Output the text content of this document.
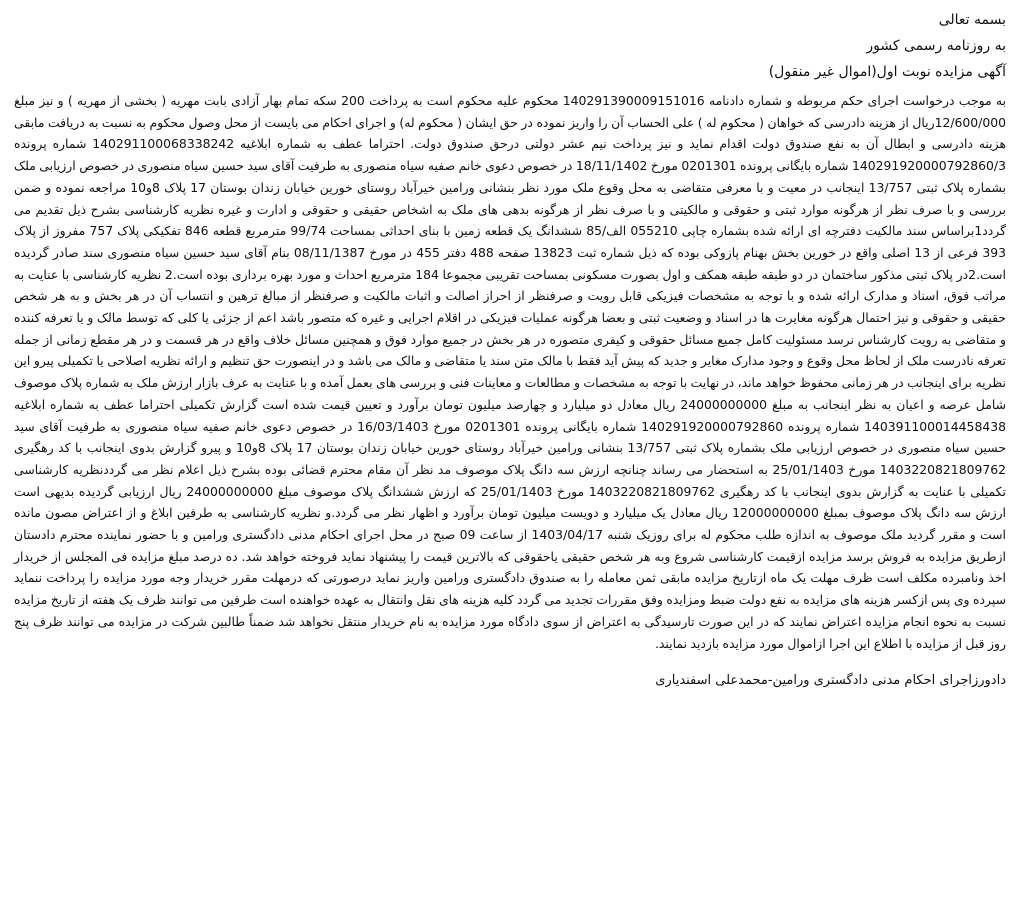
بسمه تعالی
به روزنامه رسمی کشور
آگهی مزایده نوبت اول(اموال غیر منقول)

به موجب درخواست اجرای حکم مربوطه و شماره دادنامه 140291390009151016 محکوم علیه محکوم است به پرداخت 200 سکه تمام بهار آزادی بابت مهریه ( بخشی از مهریه ) و نیز مبلغ 12/600/000ریال از هزینه دادرسی که خواهان ( محکوم له ) علی الحساب آن را واریز نموده در حق ایشان ( محکوم له) و اجرای احکام می بایست از محل وصول محکوم به نسبت به دریافت مابقی هزینه دادرسی و ابطال آن به نفع صندوق دولت اقدام نماید و نیز پرداخت نیم عشر دولتی درحق صندوق دولت. احتراما عطف به شماره ابلاغیه 140291100068338242 شماره پرونده 140291920000792860/3 شماره بایگانی پرونده 0201301 مورخ 18/11/1402 در خصوص دعوی خانم صفیه سیاه منصوری به طرفیت آقای سید حسین سیاه منصوری در خصوص ارزیابی ملک بشماره پلاک ثبتی 13/757 اینجانب در معیت و با معرفی متقاضی به محل وقوع ملک مورد نظر بنشانی ورامین خیرآباد روستای خورین خیابان زندان بوستان 17 پلاک 8و10 مراجعه نموده و ضمن بررسی و با صرف نظر از هرگونه موارد ثبتی و حقوقی و مالکیتی و با صرف نظر از هرگونه بدهی های ملک به اشخاص حقیقی و حقوقی و ادارت و غیره نظریه کارشناسی بشرح ذیل تقدیم می گردد1براساس سند مالکیت دفترچه ای ارائه شده بشماره چاپی 055210 الف/85 ششدانگ یک قطعه زمین با بنای احداثی بمساحت 99/74 مترمربع قطعه 846 تفکیکی پلاک 757 مفروز از پلاک 393 فرعی از 13 اصلی واقع در خورین بخش بهنام پازوکی بوده که ذیل شماره ثبت 13823 صفحه 488 دفتر 455 در مورخ 08/11/1387 بنام آقای سید حسین سیاه منصوری سند صادر گردیده است.2در پلاک ثبتی مذکور ساختمان در دو طبقه طبقه همکف و اول بصورت مسکونی بمساحت تقریبی مجموعا 184 مترمربع احداث و مورد بهره برداری بوده است.2 نظریه کارشناسی با عنایت به مراتب فوق، اسناد و مدارک ارائه شده و با توجه به مشخصات فیزیکی قابل رویت و صرفنظر از احراز اصالت و اثبات مالکیت و صرفنظر از مبالغ ترهین و انتساب آن در هر بخش و به هر شخص حقیقی و حقوقی و نیز احتمال هرگونه مغایرت ها در اسناد و وضعیت ثبتی و بعضا هرگونه عملیات فیزیکی در اقلام اجرایی و غیره که متصور باشد اعم از جزئی یا کلی که توسط مالک و یا تعرفه کننده و متقاضی به رویت کارشناس نرسد مسئولیت کامل جمیع مسائل حقوقی و کیفری متصوره در هر بخش در جمیع موارد فوق و همچنین مسائل خلاف واقع در هر قسمت و در هر مقطع زمانی از جمله تعرفه نادرست ملک از لحاظ محل وقوع و وجود مدارک مغایر و جدید که پیش آید فقط با مالک متن سند یا متقاضی و مالک می باشد و در اینصورت حق تنظیم و ارائه نظریه اصلاحی یا تکمیلی پیرو این نظریه برای اینجانب در هر زمانی محفوظ خواهد ماند، در نهایت با توجه به مشخصات و مطالعات و معاینات فنی و بررسی های بعمل آمده و با عنایت به عرف بازار ارزش ملک به شماره پلاک موصوف شامل عرصه و اعیان به نظر اینجانب به مبلغ 24000000000 ریال معادل دو میلیارد و چهارصد میلیون تومان برآورد و تعیین قیمت شده است گزارش تکمیلی احتراما عطف به شماره ابلاغیه 140391100014458438 شماره پرونده 140291920000792860 شماره بایگانی پرونده 0201301 مورخ 16/03/1403 در خصوص دعوی خانم صفیه سیاه منصوری به طرفیت آقای سید حسین سیاه منصوری در خصوص ارزیابی ملک بشماره پلاک ثبتی 13/757 بنشانی ورامین خیرآباد روستای خورین خیابان زندان بوستان 17 پلاک 8و10 و پیرو گزارش بدوی اینجانب با کد رهگیری 1403220821809762 مورخ 25/01/1403 به استحضار می رساند چنانچه ارزش سه دانگ پلاک موصوف مد نظر آن مقام محترم قضائی بوده بشرح ذیل اعلام نظر می گرددنظریه کارشناسی تکمیلی با عنایت به گزارش بدوی اینجانب با کد رهگیری 1403220821809762 مورخ 25/01/1403 که ارزش ششدانگ پلاک موصوف مبلغ 24000000000 ریال ارزیابی گردیده بدیهی است ارزش سه دانگ پلاک موصوف بمبلغ 12000000000 ریال معادل یک میلیارد و دویست میلیون تومان برآورد و اظهار نظر می گردد.و نظریه کارشناسی به طرفین ابلاغ و از اعتراض مصون مانده است و مقرر گردید ملک موصوف به اندازه طلب محکوم له برای روزیک شنبه 1403/04/17 از ساعت 09 صبح در محل اجرای احکام مدنی دادگستری ورامین و با حضور نماینده محترم دادستان ازطریق مزایده به فروش برسد مزایده ازقیمت کارشناسی شروع وبه هر شخص حقیقی یاحقوقی که بالاترین قیمت را پیشنهاد نماید فروخته خواهد شد. ده درصد مبلغ مزایده فی المجلس از خریدار اخذ ونامبرده مکلف است ظرف مهلت یک ماه ازتاریخ مزایده مابقی ثمن معامله را به صندوق دادگستری ورامین واریز نماید درصورتی که درمهلت مقرر خریدار وجه مورد مزایده را پرداخت ننماید سپرده وی پس ازکسر هزینه های مزایده به نفع دولت ضبط ومزایده وفق مقررات تجدید می گردد کلیه هزینه های نقل وانتقال به عهده خواهنده است طرفین می توانند ظرف یک هفته از تاریخ مزایده نسبت به نحوه انجام مزایده اعتراض نمایند که در این صورت تارسیدگی به اعتراض از سوی دادگاه مورد مزایده به نام خریدار منتقل نخواهد شد ضمناً طالبین شرکت در مزایده می توانند ظرف پنج روز قبل از مزایده با اطلاع این اجرا ازاموال مورد مزایده بازدید نمایند.

دادورزاجرای احکام مدنی دادگستری ورامین-محمدعلی اسفندیاری
